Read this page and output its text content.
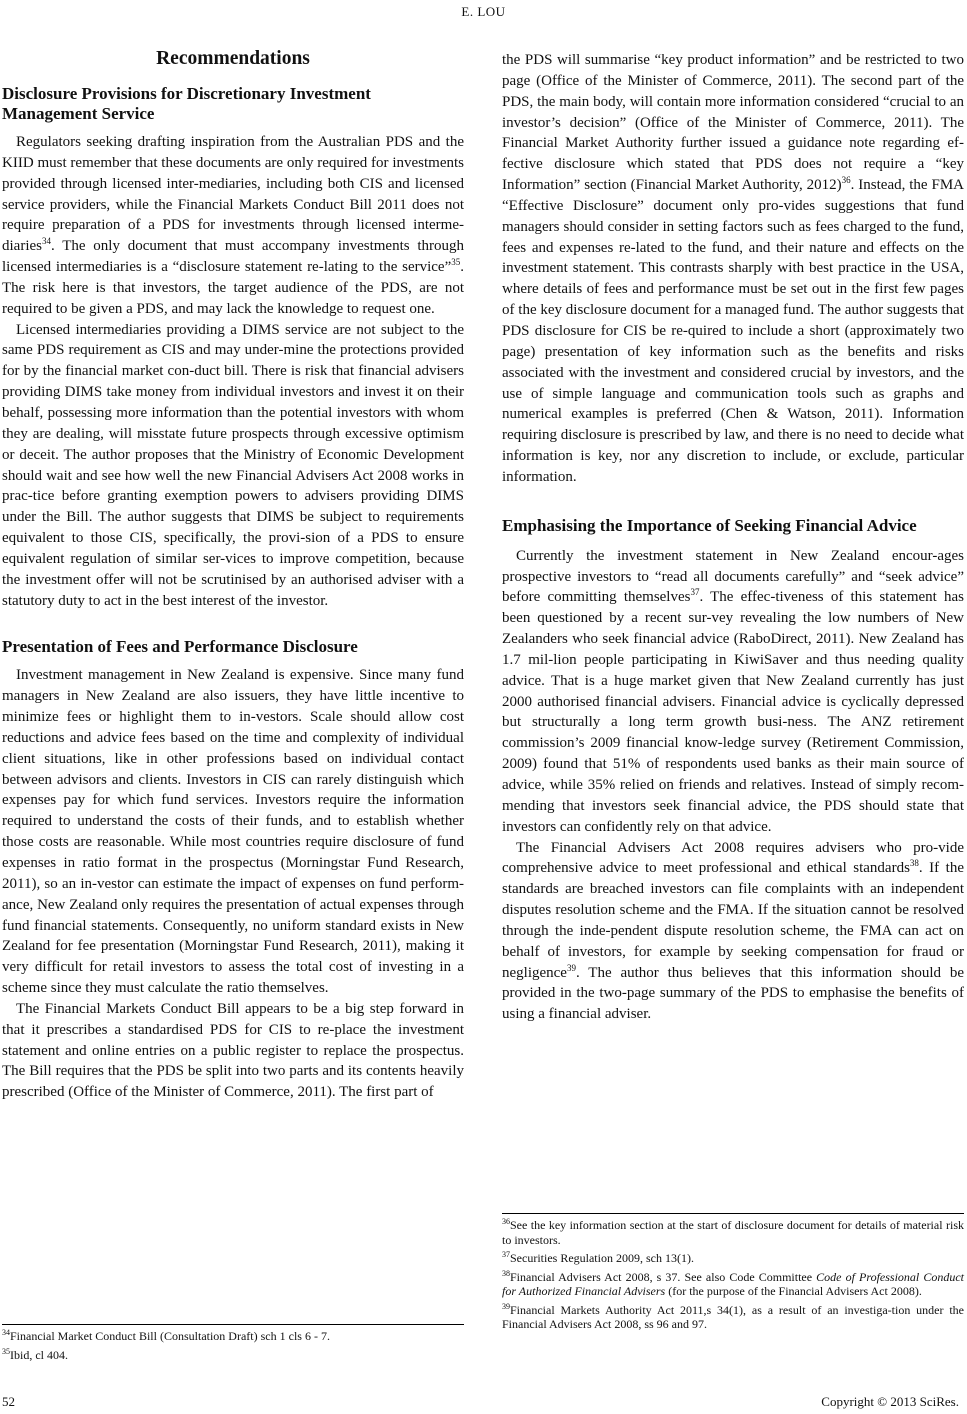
E. LOU
Recommendations
Disclosure Provisions for Discretionary Investment Management Service

Regulators seeking drafting inspiration from the Australian PDS and the KIID must remember that these documents are only required for investments provided through licensed inter-mediaries, including both CIS and licensed service providers, while the Financial Markets Conduct Bill 2011 does not require preparation of a PDS for investments through licensed interme-diaries$^{34}$. The only document that must accompany investments through licensed intermediaries is a “disclosure statement re-lating to the service”$^{35}$. The risk here is that investors, the target audience of the PDS, are not required to be given a PDS, and may lack the knowledge to request one.

Licensed intermediaries providing a DIMS service are not subject to the same PDS requirement as CIS and may under-mine the protections provided for by the financial market con-duct bill. There is risk that financial advisers providing DIMS take money from individual investors and invest it on their behalf, possessing more information than the potential investors with whom they are dealing, will misstate future prospects through excessive optimism or deceit. The author proposes that the Ministry of Economic Development should wait and see how well the new Financial Advisers Act 2008 works in prac-tice before granting exemption powers to advisers providing DIMS under the Bill. The author suggests that DIMS be subject to requirements equivalent to those CIS, specifically, the provi-sion of a PDS to ensure equivalent regulation of similar ser-vices to improve competition, because the investment offer will not be scrutinised by an authorised adviser with a statutory duty to act in the best interest of the investor.

Presentation of Fees and Performance Disclosure

Investment management in New Zealand is expensive. Since many fund managers in New Zealand are also issuers, they have little incentive to minimize fees or highlight them to in-vestors. Scale should allow cost reductions and advice fees based on the time and complexity of individual client situations, like in other professions based on individual contact between advisors and clients. Investors in CIS can rarely distinguish which expenses pay for which fund services. Investors require the information required to understand the costs of their funds, and to establish whether those costs are reasonable. While most countries require disclosure of fund expenses in ratio format in the prospectus (Morningstar Fund Research, 2011), so an in-vestor can estimate the impact of expenses on fund perform-ance, New Zealand only requires the presentation of actual expenses through fund financial statements. Consequently, no uniform standard exists in New Zealand for fee presentation (Morningstar Fund Research, 2011), making it very difficult for retail investors to assess the total cost of investing in a scheme since they must calculate the ratio themselves.

The Financial Markets Conduct Bill appears to be a big step forward in that it prescribes a standardised PDS for CIS to re-place the investment statement and online entries on a public register to replace the prospectus. The Bill requires that the PDS be split into two parts and its contents heavily prescribed (Office of the Minister of Commerce, 2011). The first part of

$^{34}$Financial Market Conduct Bill (Consultation Draft) sch 1 cls 6 - 7.
$^{35}$Ibid, cl 404.

the PDS will summarise “key product information” and be restricted to two page (Office of the Minister of Commerce, 2011). The second part of the PDS, the main body, will contain more information considered “crucial to an investor’s decision” (Office of the Minister of Commerce, 2011). The Financial Market Authority further issued a guidance note regarding ef-fective disclosure which stated that PDS does not require a “key Information” section (Financial Market Authority, 2012)$^{36}$. Instead, the FMA “Effective Disclosure” document only pro-vides suggestions that fund managers should consider in setting factors such as fees charged to the fund, fees and expenses re-lated to the fund, and their nature and effects on the investment statement. This contrasts sharply with best practice in the USA, where details of fees and performance must be set out in the first few pages of the key disclosure document for a managed fund. The author suggests that PDS disclosure for CIS be re-quired to include a short (approximately two page) presentation of key information such as the benefits and risks associated with the investment and considered crucial by investors, and the use of simple language and communication tools such as graphs and numerical examples is preferred (Chen & Watson, 2011). Information requiring disclosure is prescribed by law, and there is no need to decide what information is key, nor any discretion to include, or exclude, particular information.

Emphasising the Importance of Seeking Financial Advice

Currently the investment statement in New Zealand encour-ages prospective investors to “read all documents carefully” and “seek advice” before committing themselves$^{37}$. The effec-tiveness of this statement has been questioned by a recent sur-vey revealing the low numbers of New Zealanders who seek financial advice (RaboDirect, 2011). New Zealand has 1.7 mil-lion people participating in KiwiSaver and thus needing quality advice. That is a huge market given that New Zealand currently has just 2000 authorised financial advisers. Financial advice is cyclically depressed but structurally a long term growth busi-ness. The ANZ retirement commission’s 2009 financial know-ledge survey (Retirement Commission, 2009) found that 51% of respondents used banks as their main source of advice, while 35% relied on friends and relatives. Instead of simply recom-mending that investors seek financial advice, the PDS should state that investors can confidently rely on that advice.

The Financial Advisers Act 2008 requires advisers who pro-vide comprehensive advice to meet professional and ethical standards$^{38}$. If the standards are breached investors can file complaints with an independent disputes resolution scheme and the FMA. If the situation cannot be resolved through the inde-pendent dispute resolution scheme, the FMA can act on behalf of investors, for example by seeking compensation for fraud or negligence$^{39}$. The author thus believes that this information should be provided in the two-page summary of the PDS to emphasise the benefits of using a financial adviser.

$^{36}$See the key information section at the start of disclosure document for details of material risk to investors.
$^{37}$Securities Regulation 2009, sch 13(1).
$^{38}$Financial Advisers Act 2008, s 37. See also Code Committee Code of Professional Conduct for Authorized Financial Advisers (for the purpose of the Financial Advisers Act 2008).
$^{39}$Financial Markets Authority Act 2011,s 34(1), as a result of an investiga-tion under the Financial Advisers Act 2008, ss 96 and 97.
52	Copyright © 2013 SciRes.
